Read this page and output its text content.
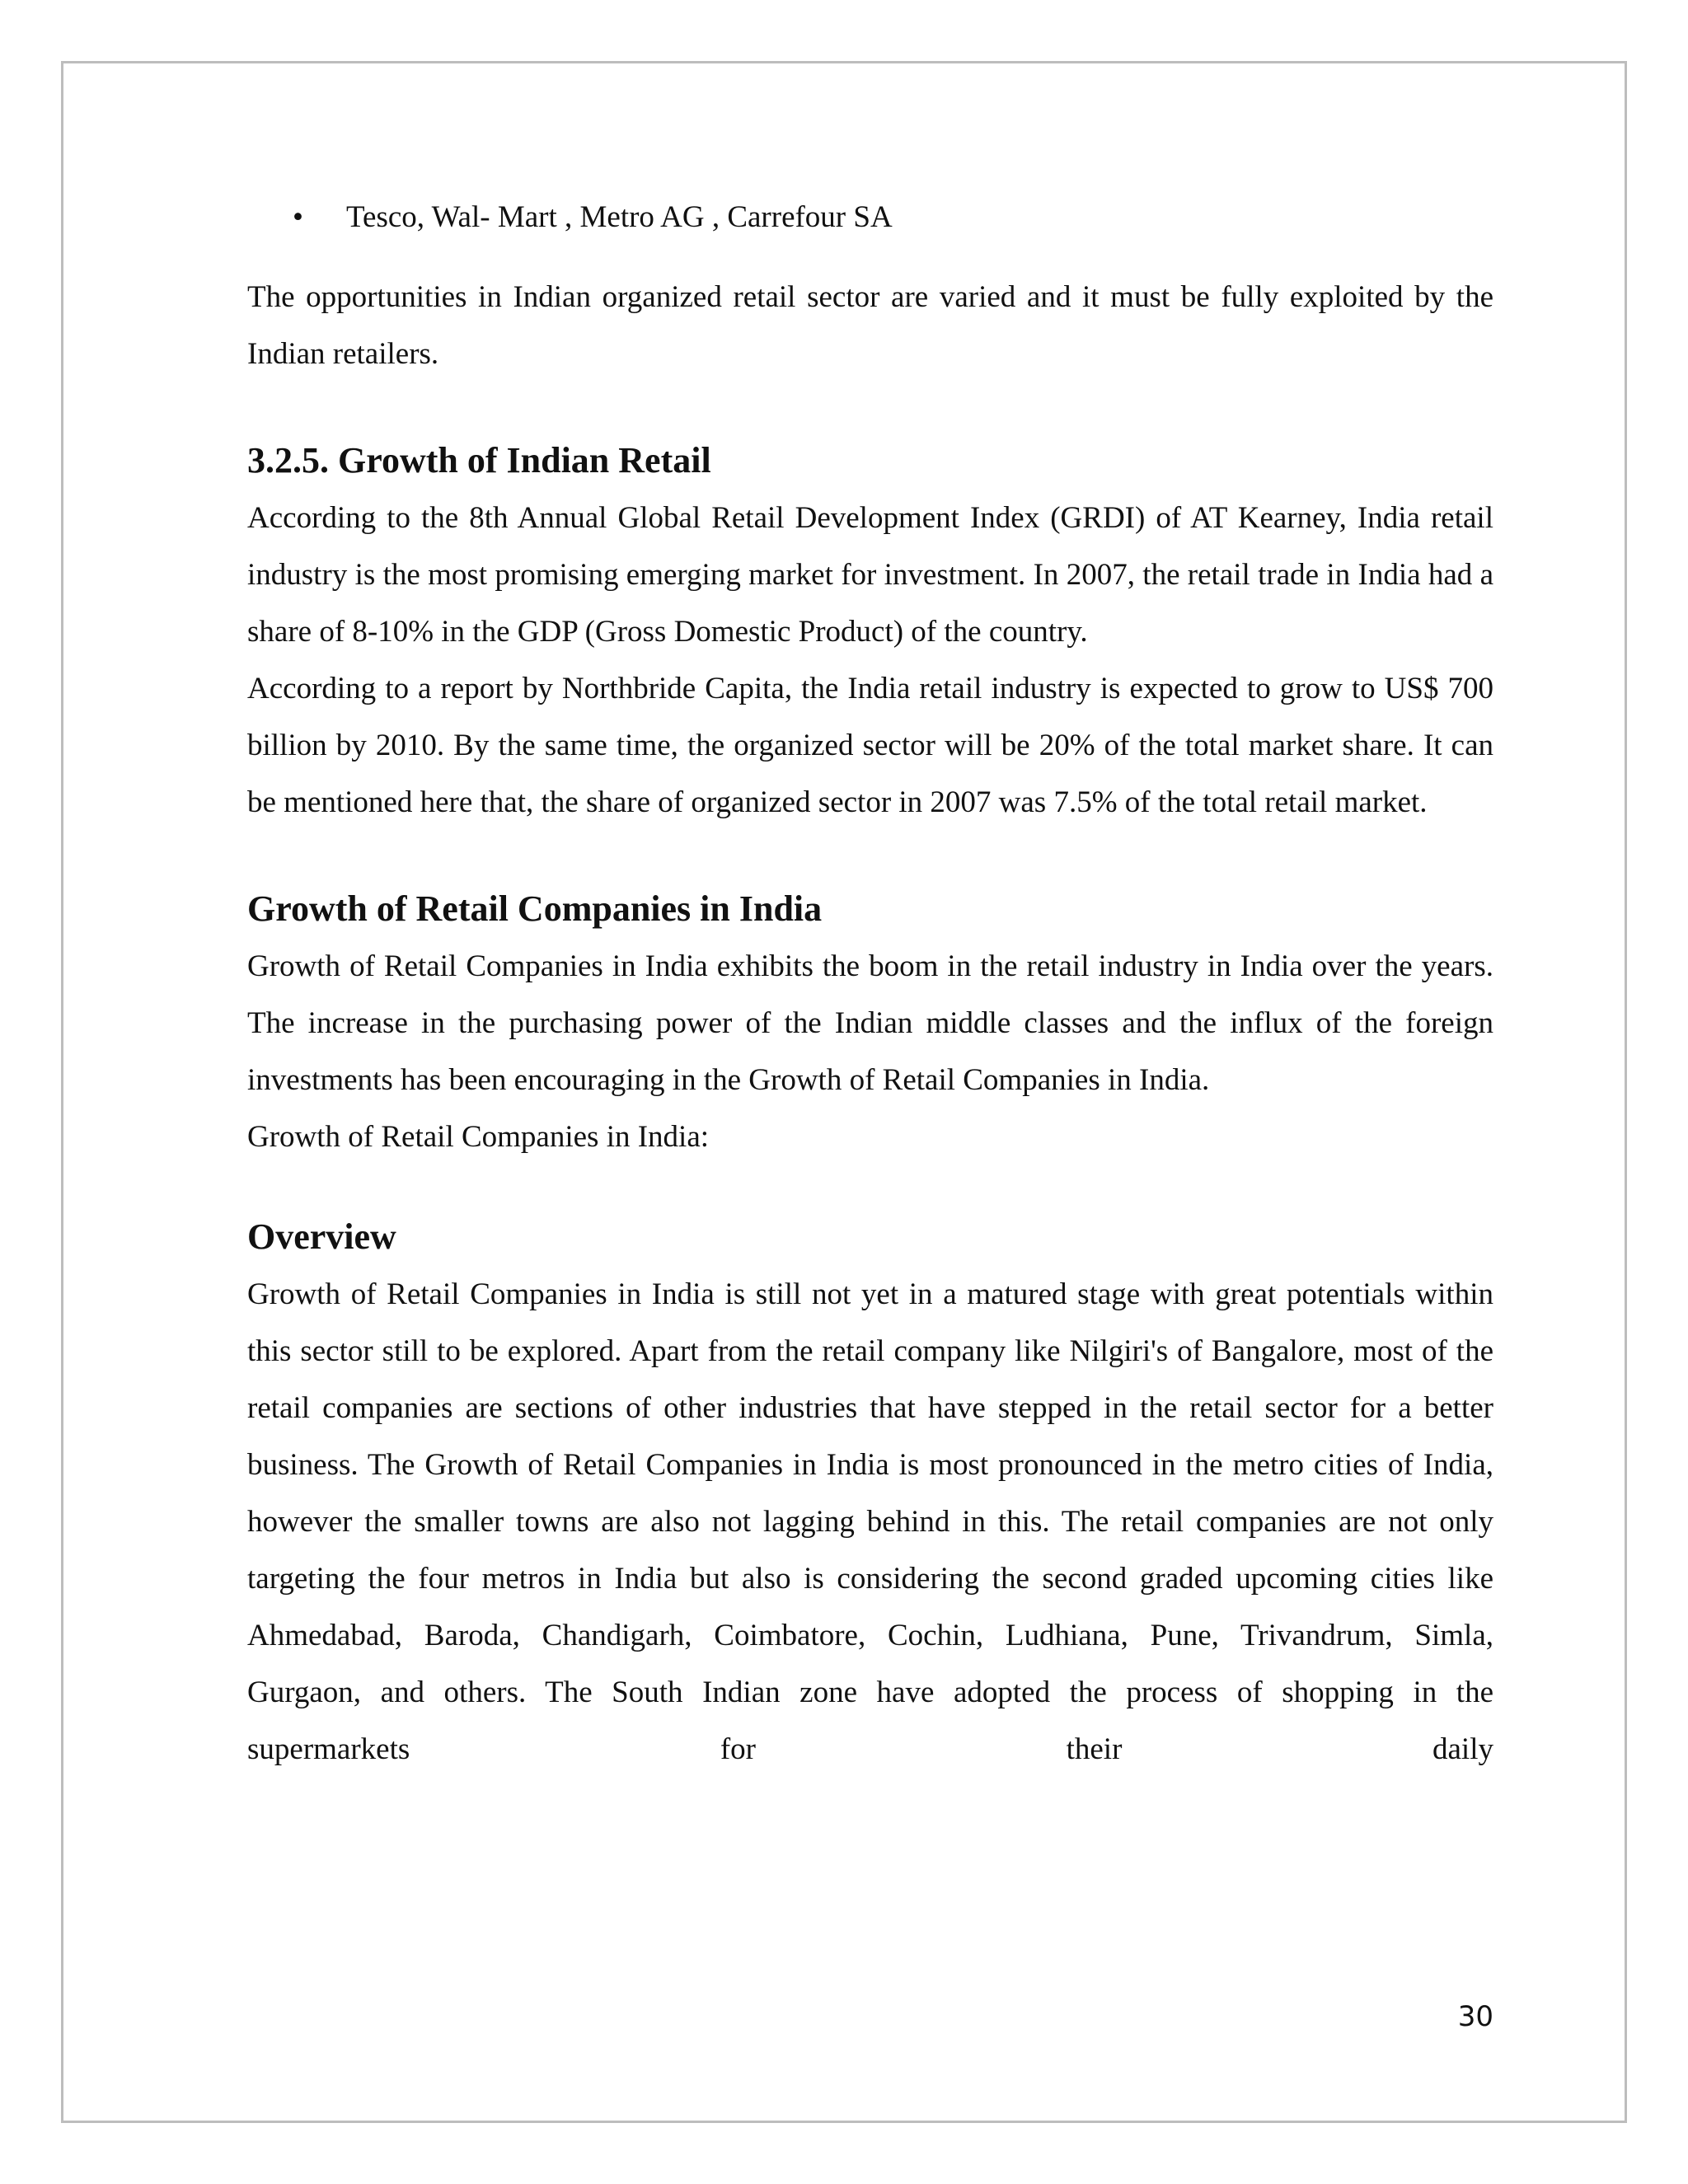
•	Tesco, Wal- Mart , Metro AG , Carrefour SA

The opportunities in Indian organized retail sector are varied and it must be fully exploited by the Indian retailers.

3.2.5. Growth of Indian Retail

According to the 8th Annual Global Retail Development Index (GRDI) of AT Kearney, India retail industry is the most promising emerging market for investment. In 2007, the retail trade in India had a share of 8-10% in the GDP (Gross Domestic Product) of the country.

According to a report by Northbride Capita, the India retail industry is expected to grow to US$ 700 billion by 2010. By the same time, the organized sector will be 20% of the total market share. It can be mentioned here that, the share of organized sector in 2007 was 7.5% of the total retail market.

Growth of Retail Companies in India

Growth of Retail Companies in India exhibits the boom in the retail industry in India over the years. The increase in the purchasing power of the Indian middle classes and the influx of the foreign investments has been encouraging in the Growth of Retail Companies in India.

Growth of Retail Companies in India:

Overview

Growth of Retail Companies in India is still not yet in a matured stage with great potentials within this sector still to be explored. Apart from the retail company like Nilgiri's of Bangalore, most of the retail companies are sections of other industries that have stepped in the retail sector for a better business. The Growth of Retail Companies in India is most pronounced in the metro cities of India, however the smaller towns are also not lagging behind in this. The retail companies are not only targeting the four metros in India but also is considering the second graded upcoming cities like Ahmedabad, Baroda, Chandigarh, Coimbatore, Cochin, Ludhiana, Pune, Trivandrum, Simla, Gurgaon, and others. The South Indian zone have adopted the process of shopping in the supermarkets for their daily

30
